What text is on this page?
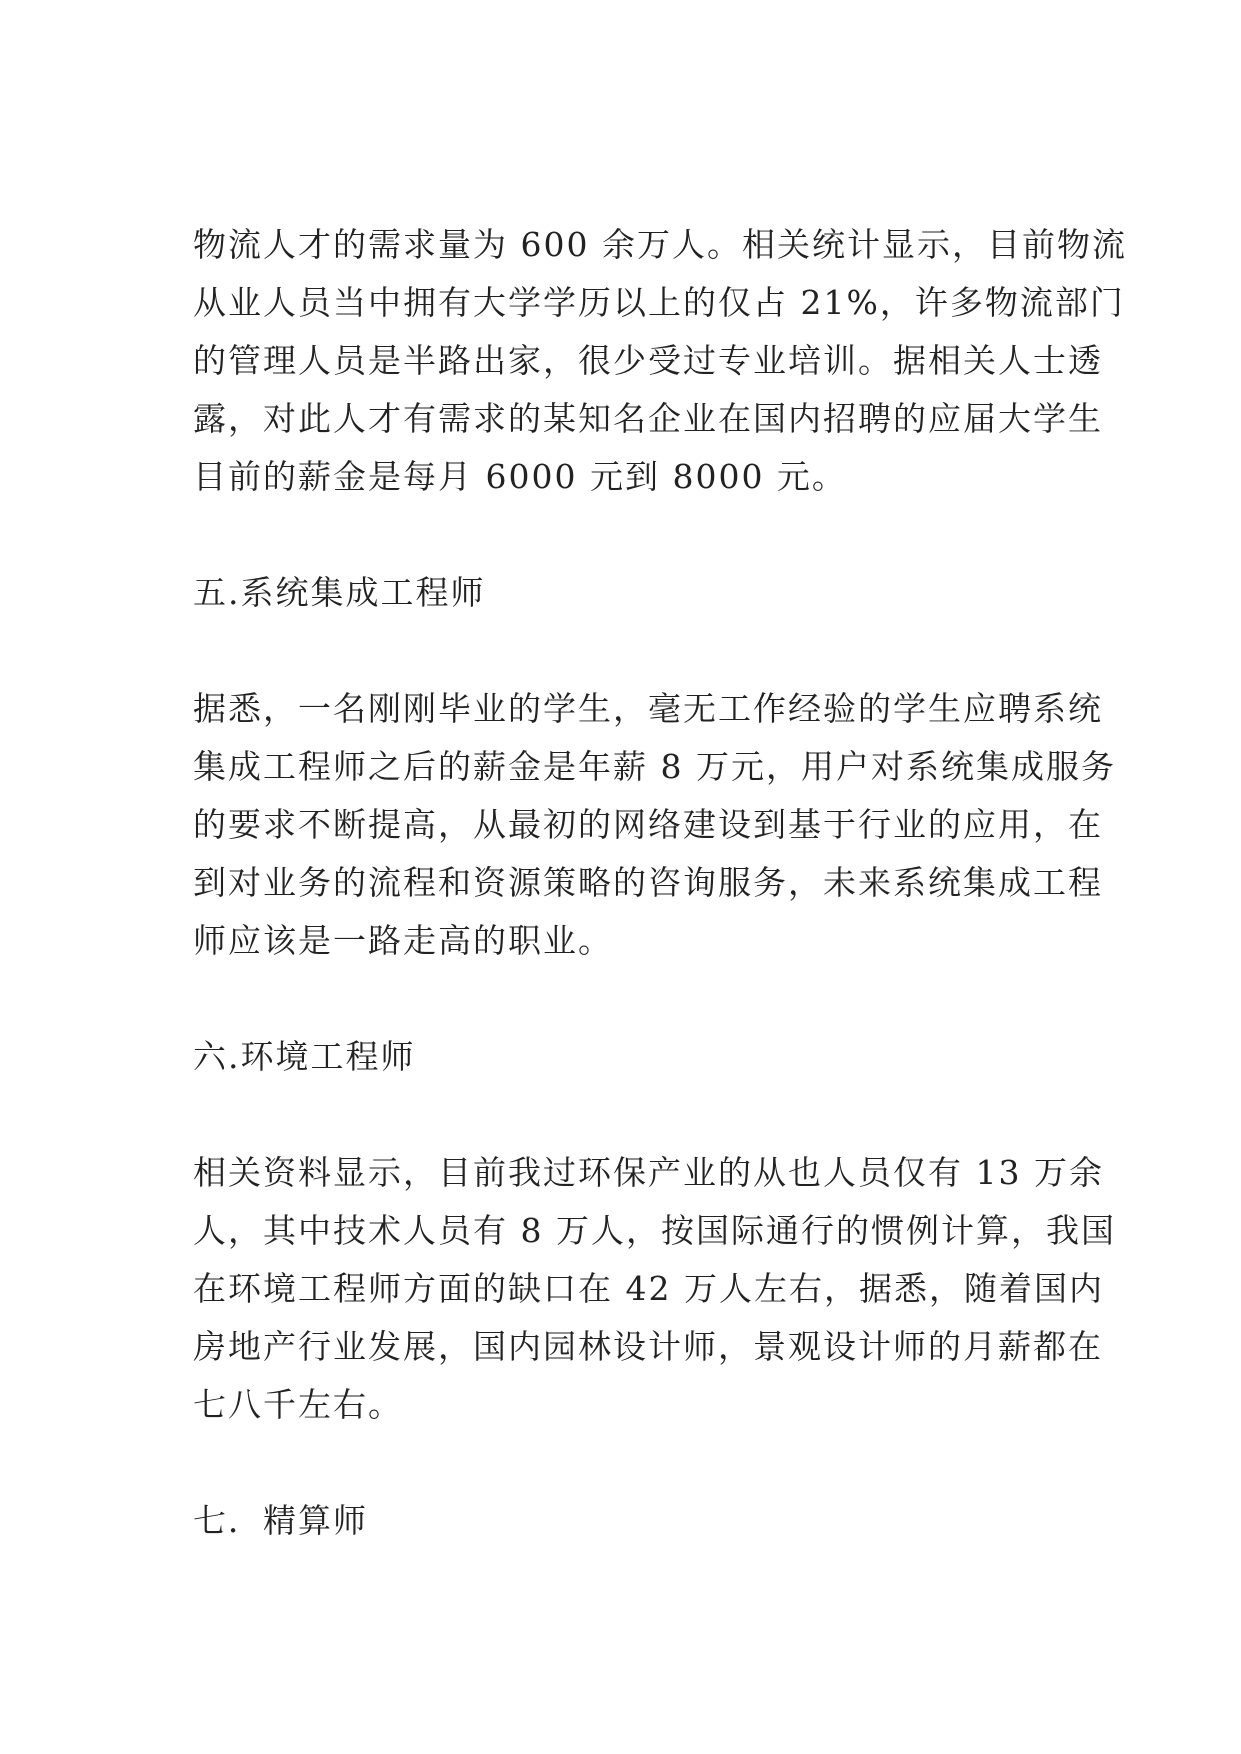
物流人才的需求量为 600 余万人。相关统计显示，目前物流
从业人员当中拥有大学学历以上的仅占 21%，许多物流部门
的管理人员是半路出家，很少受过专业培训。据相关人士透
露，对此人才有需求的某知名企业在国内招聘的应届大学生
目前的薪金是每月 6000 元到 8000 元。

五.系统集成工程师

据悉，一名刚刚毕业的学生，毫无工作经验的学生应聘系统
集成工程师之后的薪金是年薪 8 万元，用户对系统集成服务
的要求不断提高，从最初的网络建设到基于行业的应用，在
到对业务的流程和资源策略的咨询服务，未来系统集成工程
师应该是一路走高的职业。

六.环境工程师

相关资料显示，目前我过环保产业的从也人员仅有 13 万余
人，其中技术人员有 8 万人，按国际通行的惯例计算，我国
在环境工程师方面的缺口在 42 万人左右，据悉，随着国内
房地产行业发展，国内园林设计师，景观设计师的月薪都在
七八千左右。

七．精算师
